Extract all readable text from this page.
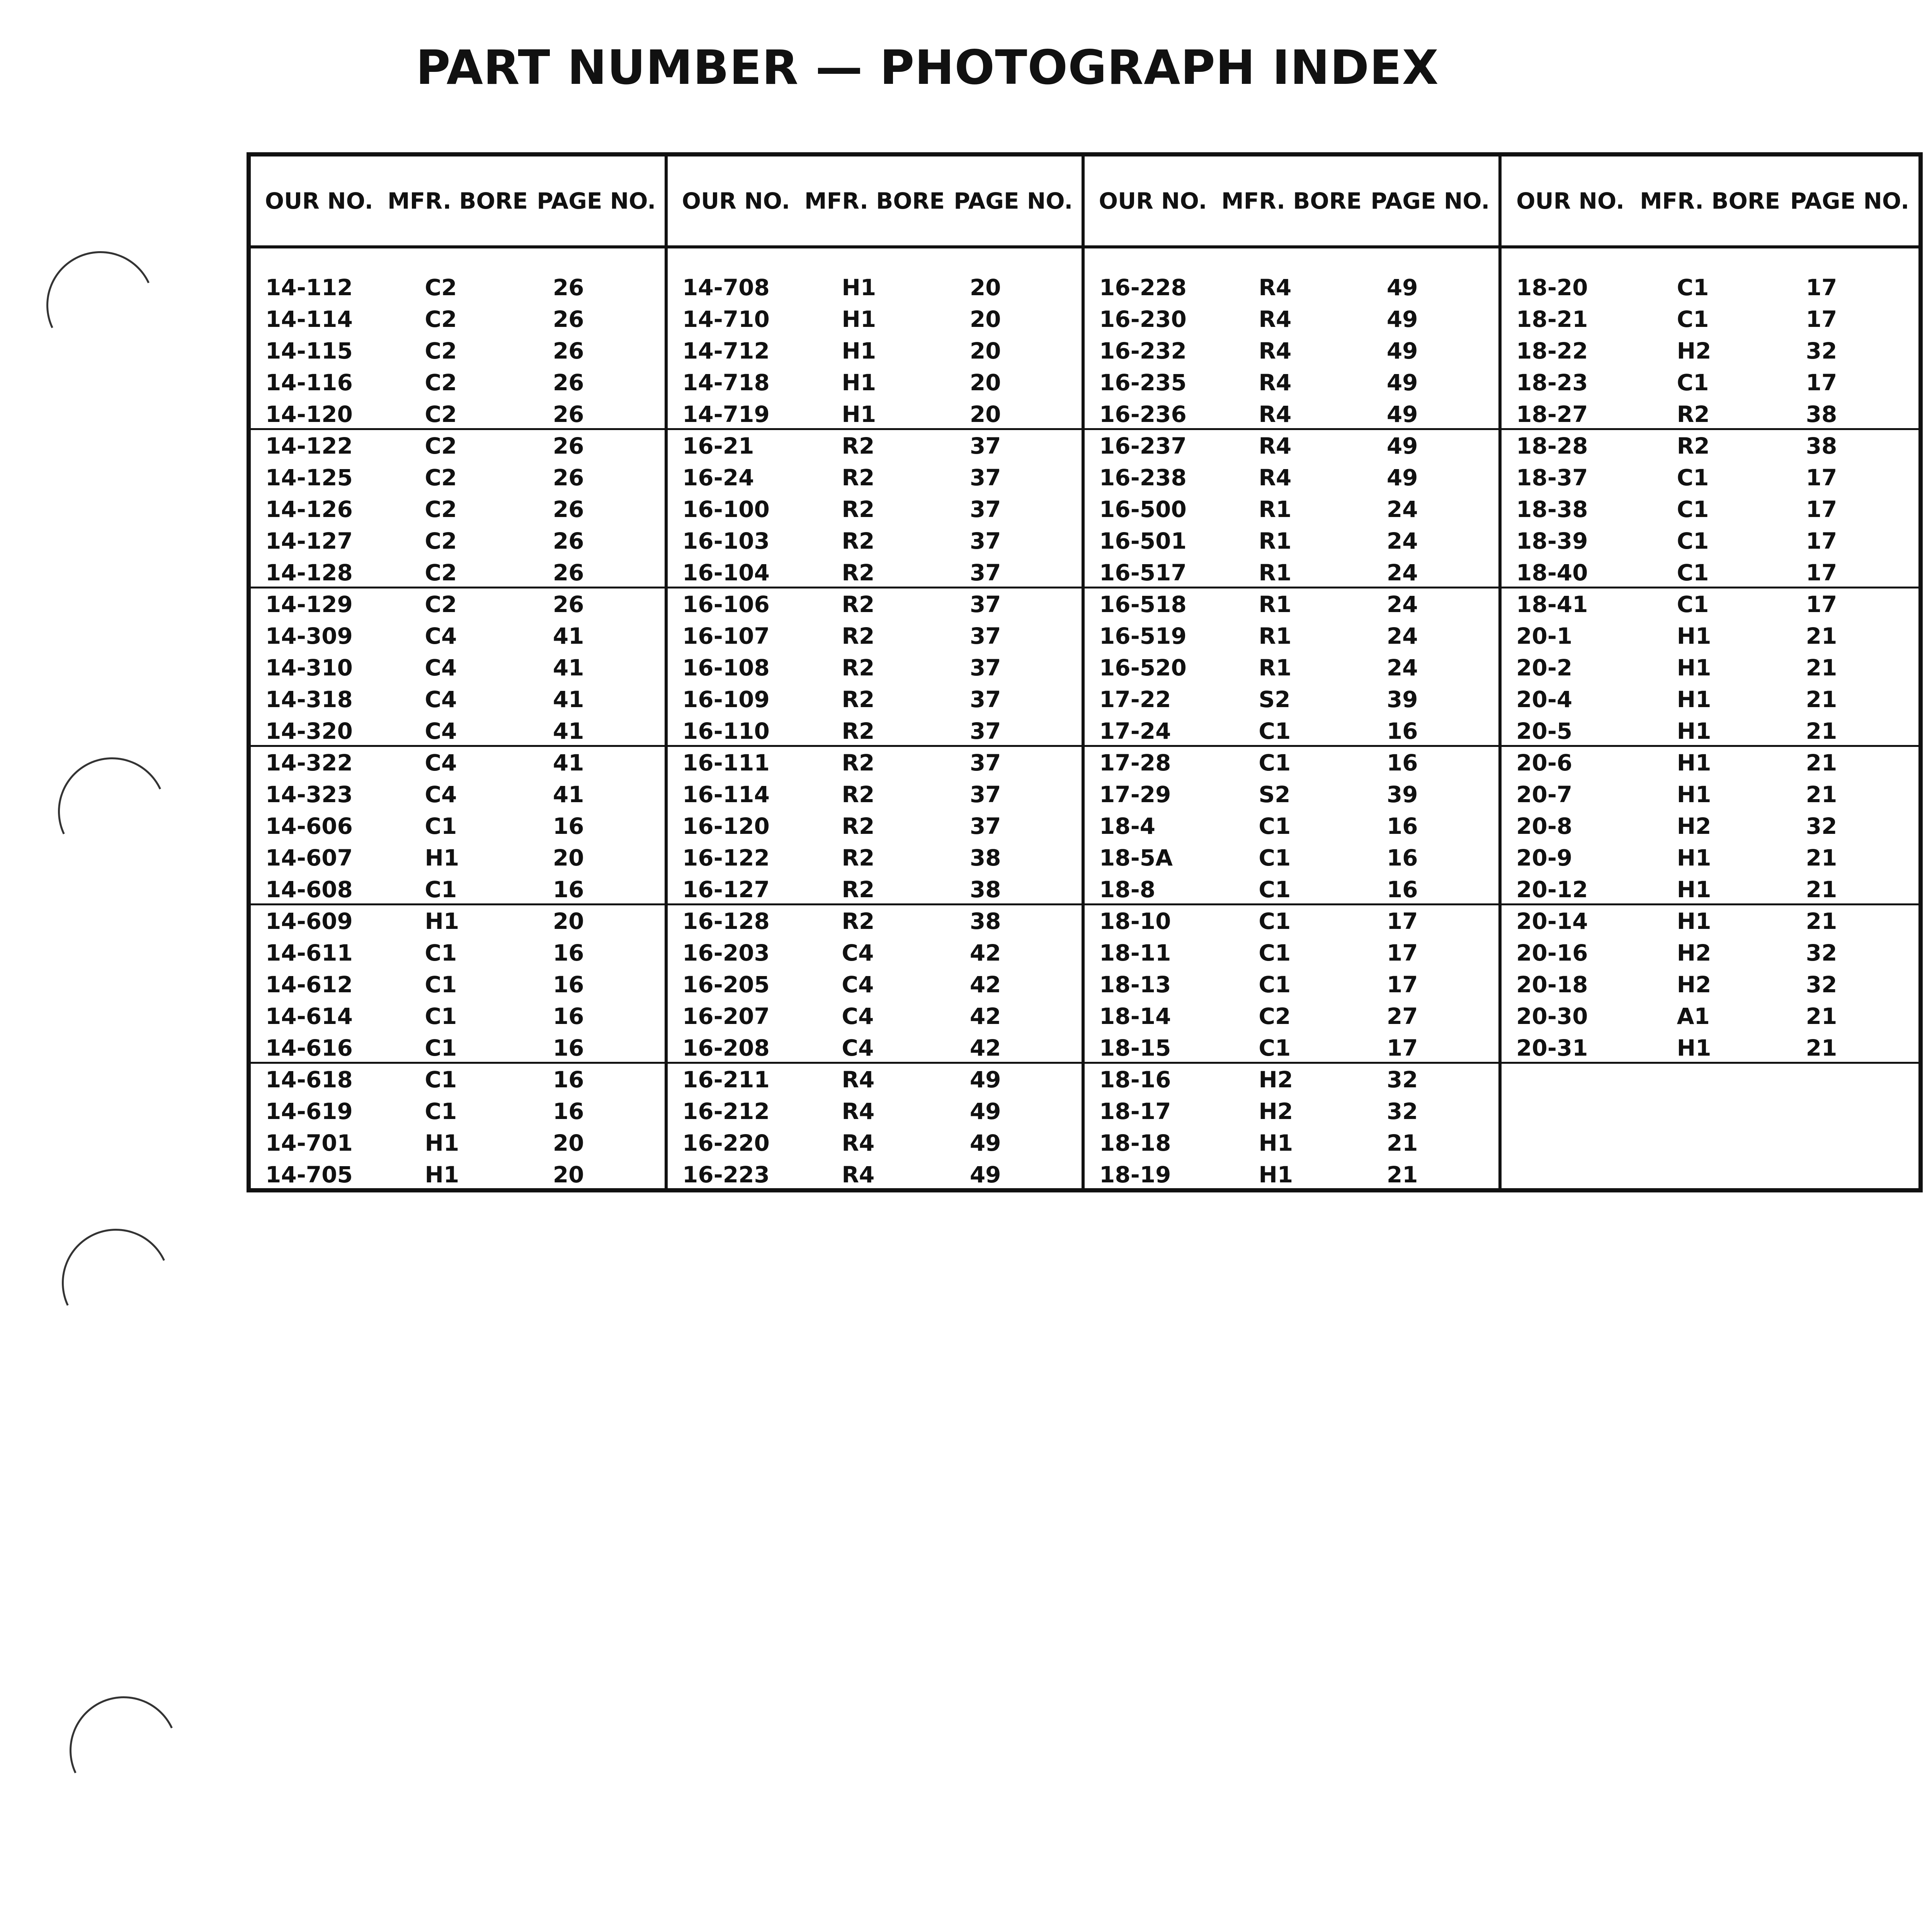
PART NUMBER — PHOTOGRAPH INDEX
OUR NO. MFR. BORE PAGE NO.
14-112	C2	26
14-114	C2	26
14-115	C2	26
14-116	C2	26
14-120	C2	26
14-122	C2	26
14-125	C2	26
14-126	C2	26
14-127	C2	26
14-128	C2	26
14-129	C2	26
14-309	C4	41
14-310	C4	41
14-318	C4	41
14-320	C4	41
14-322	C4	41
14-323	C4	41
14-606	C1	16
14-607	H1	20
14-608	C1	16
14-609	H1	20
14-611	C1	16
14-612	C1	16
14-614	C1	16
14-616	C1	16
14-618	C1	16
14-619	C1	16
14-701	H1	20
14-705	H1	20
OUR NO. MFR. BORE PAGE NO.
14-708	H1	20
14-710	H1	20
14-712	H1	20
14-718	H1	20
14-719	H1	20
16-21	R2	37
16-24	R2	37
16-100	R2	37
16-103	R2	37
16-104	R2	37
16-106	R2	37
16-107	R2	37
16-108	R2	37
16-109	R2	37
16-110	R2	37
16-111	R2	37
16-114	R2	37
16-120	R2	37
16-122	R2	38
16-127	R2	38
16-128	R2	38
16-203	C4	42
16-205	C4	42
16-207	C4	42
16-208	C4	42
16-211	R4	49
16-212	R4	49
16-220	R4	49
16-223	R4	49
OUR NO. MFR. BORE PAGE NO.
16-228	R4	49
16-230	R4	49
16-232	R4	49
16-235	R4	49
16-236	R4	49
16-237	R4	49
16-238	R4	49
16-500	R1	24
16-501	R1	24
16-517	R1	24
16-518	R1	24
16-519	R1	24
16-520	R1	24
17-22	S2	39
17-24	C1	16
17-28	C1	16
17-29	S2	39
18-4	C1	16
18-5A	C1	16
18-8	C1	16
18-10	C1	17
18-11	C1	17
18-13	C1	17
18-14	C2	27
18-15	C1	17
18-16	H2	32
18-17	H2	32
18-18	H1	21
18-19	H1	21
OUR NO. MFR. BORE PAGE NO.
18-20	C1	17
18-21	C1	17
18-22	H2	32
18-23	C1	17
18-27	R2	38
18-28	R2	38
18-37	C1	17
18-38	C1	17
18-39	C1	17
18-40	C1	17
18-41	C1	17
20-1	H1	21
20-2	H1	21
20-4	H1	21
20-5	H1	21
20-6	H1	21
20-7	H1	21
20-8	H2	32
20-9	H1	21
20-12	H1	21
20-14	H1	21
20-16	H2	32
20-18	H2	32
20-30	A1	21
20-31	H1	21
